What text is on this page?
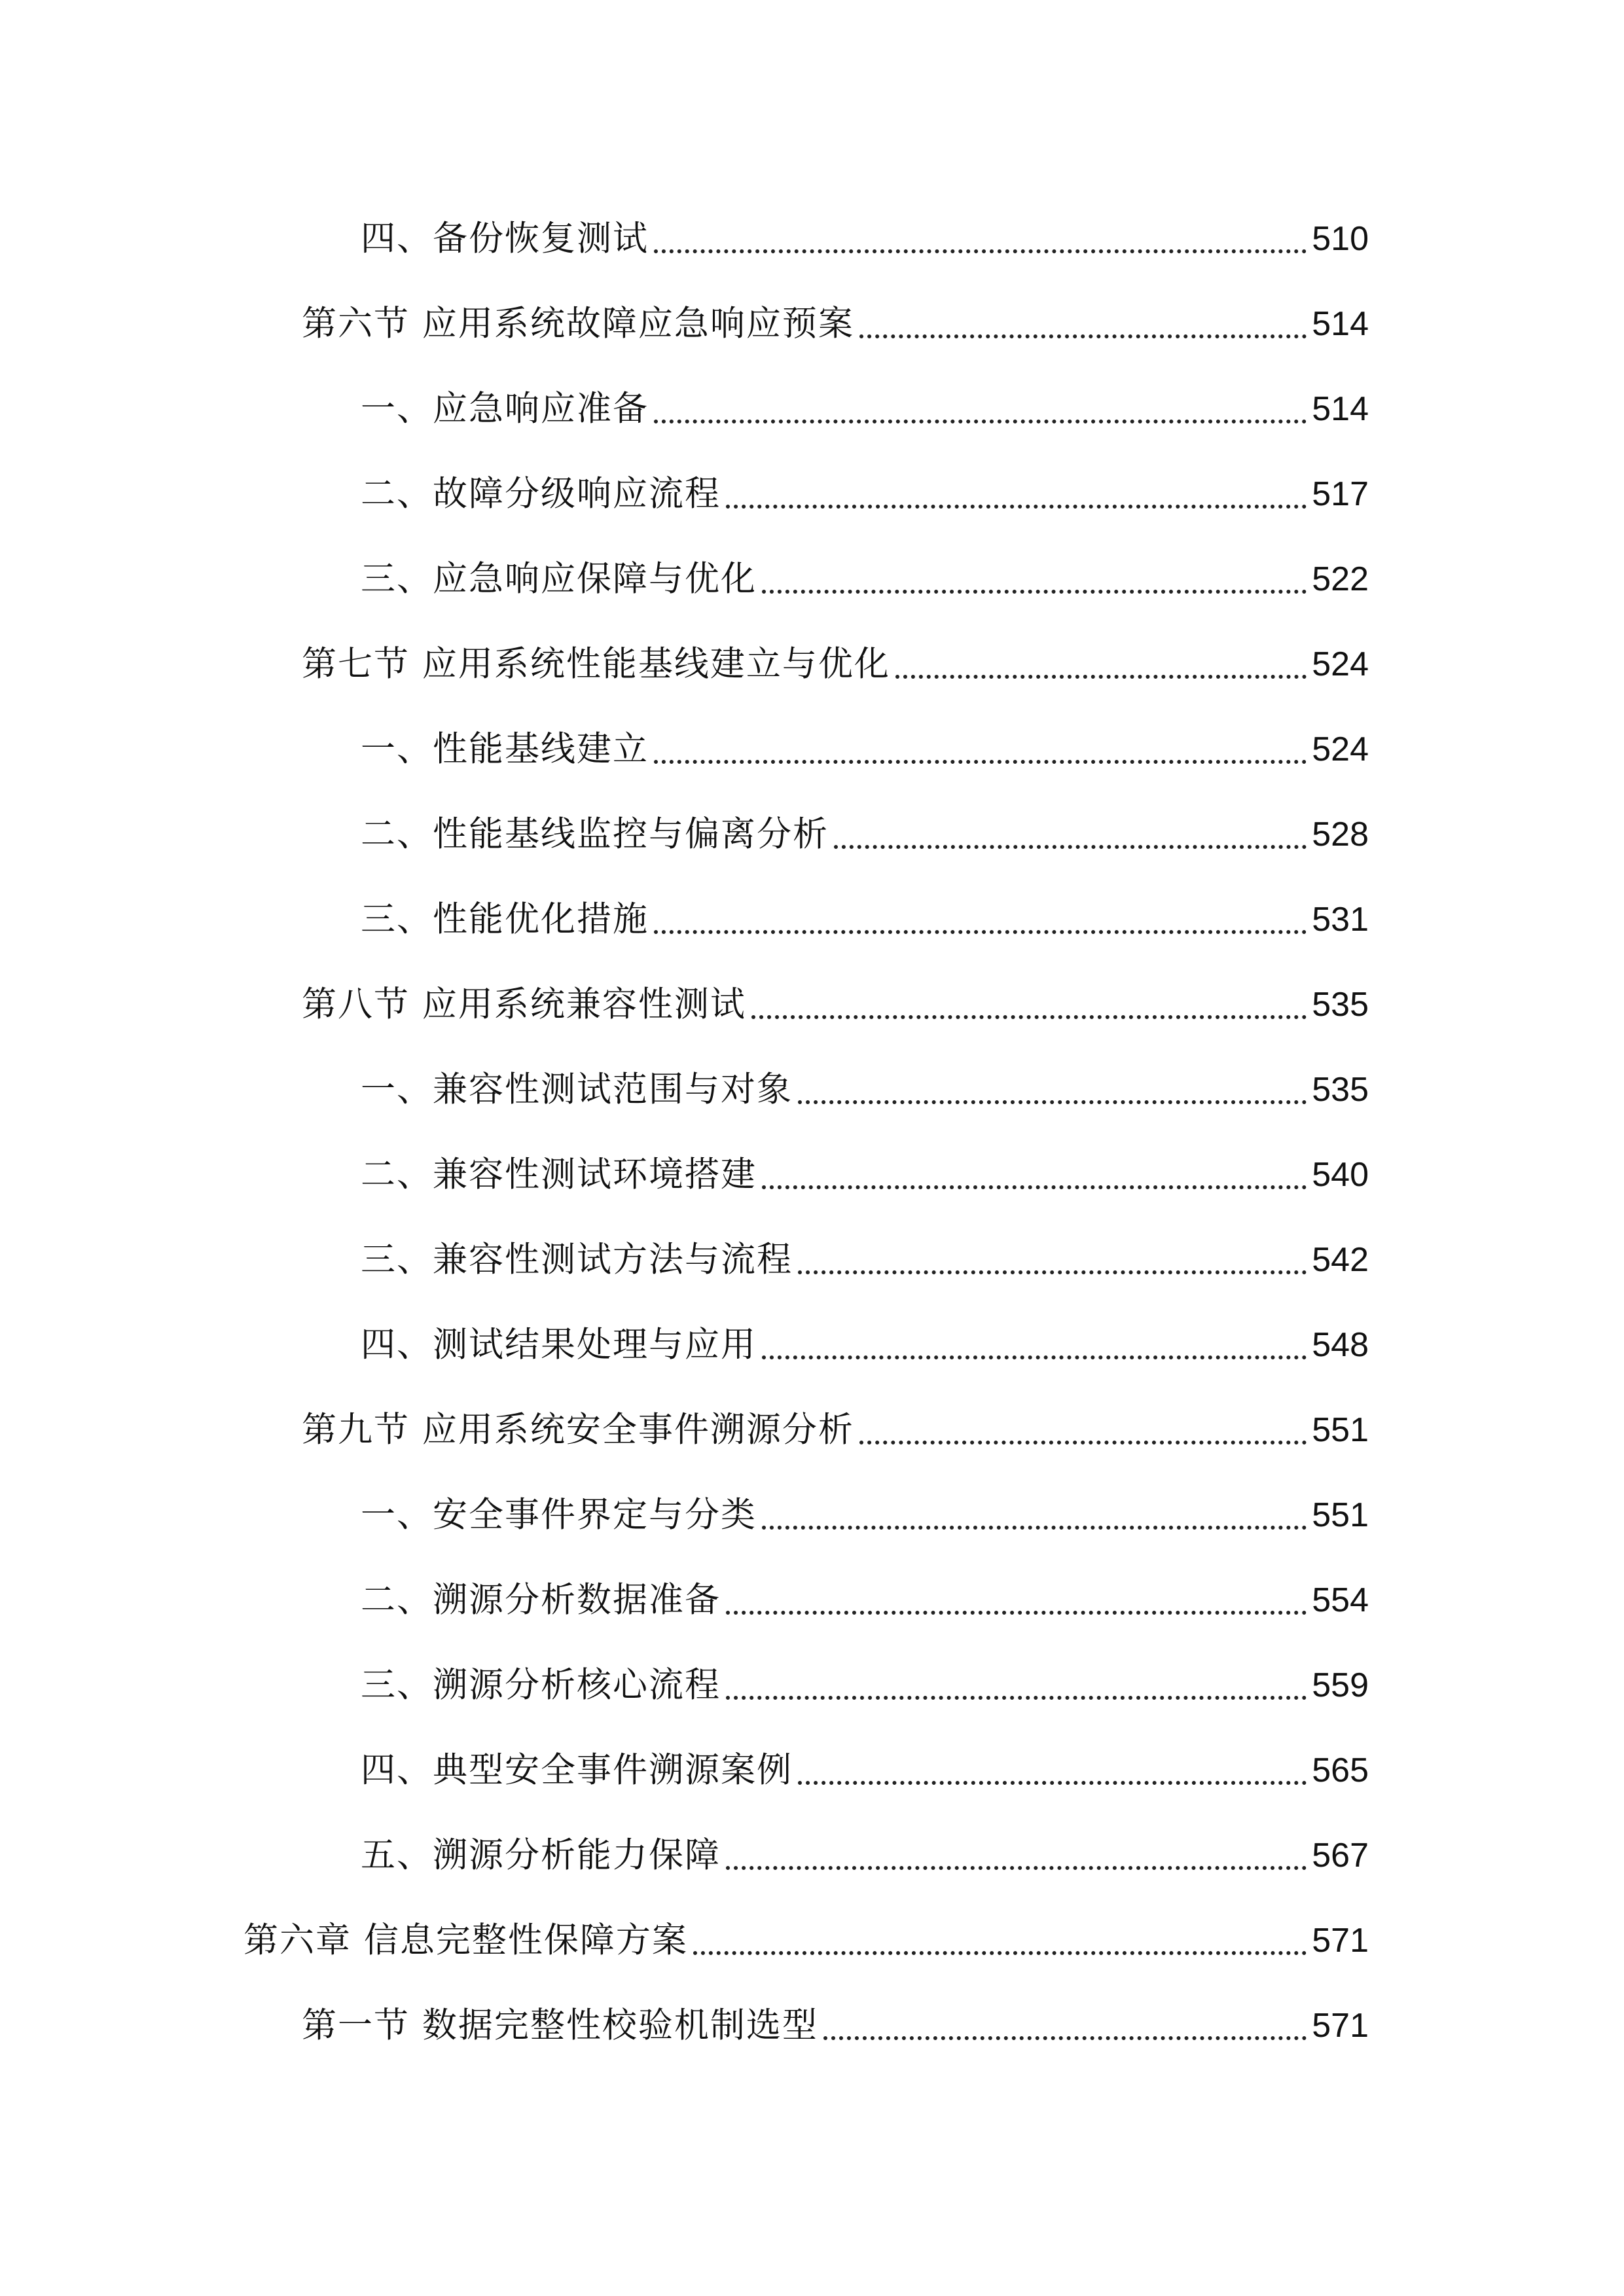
四、备份恢复测试	510
第六节 应用系统故障应急响应预案	514
一、应急响应准备	514
二、故障分级响应流程	517
三、应急响应保障与优化	522
第七节 应用系统性能基线建立与优化	524
一、性能基线建立	524
二、性能基线监控与偏离分析	528
三、性能优化措施	531
第八节 应用系统兼容性测试	535
一、兼容性测试范围与对象	535
二、兼容性测试环境搭建	540
三、兼容性测试方法与流程	542
四、测试结果处理与应用	548
第九节 应用系统安全事件溯源分析	551
一、安全事件界定与分类	551
二、溯源分析数据准备	554
三、溯源分析核心流程	559
四、典型安全事件溯源案例	565
五、溯源分析能力保障	567
第六章 信息完整性保障方案	571
第一节 数据完整性校验机制选型	571
